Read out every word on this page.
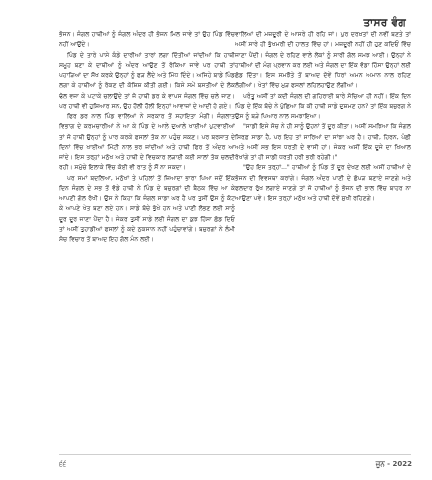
ਤਾਸਰ ਵੰਗ

ਭੋਜਨ। ਜੰਗਲ ਹਾਥੀਆਂ ਨੂੰ ਜੰਗਲ ਅੰਦਰ ਹੀ ਭੋਜਨ ਮਿਲ ਜਾਵੇ ਤਾਂ ਉਹ ਪਿੰਡ ਵਿੱਚ ਨਹੀਂ ਆਉਂਦੇ।

ਪਿੰਡ ਦੇ ਤਾਰੇ ਪਾਸੇ ਕੰਡੇ ਦਾਰੀਆਂ ਤਾਰਾਂ ਲਗਾ ਦਿੱਤੀਆਂ ਜਾਂਦੀਆਂ ਕਿ ਹਾਥੀ ਸਮੂਹ ਬਣਾ ਕੇ ਦਾਥੀਆਂ ਨੂੰ ਅੰਦਰ ਆਉਣ ਤੋਂ ਰੋਕਿਆ ਜਾਵੇ ਪਰ ਹਾਥੀ ਤਾਂ ਪਹਾੜਿਆਂ ਦਾ ਸੌਖ ਕਰਕੇ ਉਨ੍ਹਾਂ ਨੂੰ ਫੜ ਲੈਂਦੇ ਅਤੇ ਮਿੱਧ ਦਿੰਦੇ। ਅਜਿਹੇ ਬਾਡੇ ਪਿੰਡ ਲਗਾ ਕੇ ਹਾਥੀਆਂ ਨੂੰ ਰੋਕਣ ਦੀ ਕੋਸ਼ਿਸ਼ ਕੀਤੀ ਗਈ। ਕਿਸੇ ਸਮੇਂ ਬਸਤੀਆਂ ਦੇ ਲੋਕ ਢੋਲ ਵਜਾ ਕੇ ਪਟਾਕੇ ਚਲਾਉਂਦੇ ਤਾਂ ਜੋ ਹਾਥੀ ਡਰ ਕੇ ਵਾਪਸ ਜੰਗਲ ਵਿੱਚ ਚਲੇ ਜਾਣ। ਪਰ ਹਾਥੀ ਵੀ ਹੁਸ਼ਿਆਰ ਸਨ, ਉਹ ਹੌਲੀ ਹੌਲੀ ਇਨ੍ਹਾਂ ਆਵਾਜ਼ਾਂ ਦੇ ਆਦੀ ਹੋ ਗਏ।

ਫਿਰ ਡਰ ਨਾਲ ਪਿੰਡ ਵਾਲਿਆਂ ਨੇ ਸਰਕਾਰ ਤੋਂ ਸਹਾਇਤਾ ਮੰਗੀ। ਜੰਗਲਾਤ ਵਿਭਾਗ ਦੇ ਕਰਮਚਾਰੀਆਂ ਨੇ ਆ ਕੇ ਪਿੰਡ ਦੇ ਆਲੇ ਦੁਆਲੇ ਖਾਈਆਂ ਪੁਟਵਾਈਆਂ ਤਾਂ ਜੋ ਹਾਥੀ ਉਨ੍ਹਾਂ ਨੂੰ ਪਾਰ ਕਰਕੇ ਫਸਲਾਂ ਤੱਕ ਨਾ ਪਹੁੰਚ ਸਕਣ। ਪਰ ਬਰਸਾਤ ਦੇ ਦਿਨਾਂ ਵਿੱਚ ਖਾਈਆਂ ਮਿੱਟੀ ਨਾਲ ਭਰ ਜਾਂਦੀਆਂ ਅਤੇ ਹਾਥੀ ਫਿਰ ਤੋਂ ਅੰਦਰ ਆ ਜਾਂਦੇ। ਇਸ ਤਰ੍ਹਾਂ ਮਨੁੱਖ ਅਤੇ ਹਾਥੀ ਦੇ ਵਿਚਕਾਰ ਲੜਾਈ ਕਈ ਸਾਲਾਂ ਤੱਕ ਚਲਦੀ ਰਹੀ। ਸਮੁੱਚੇ ਇਲਾਕੇ ਵਿੱਚ ਕੋਈ ਵੀ ਰਾਤ ਨੂੰ ਸੌਂ ਨਾ ਸਕਦਾ।

ਪਰ ਸਮਾਂ ਬਦਲਿਆ, ਮਨੁੱਖਾਂ ਤੇ ਪਹਿਲਾਂ ਤੋਂ ਜ਼ਿਆਦਾ ਭਾਰਾ ਪਿਆ ਜਦੋਂ ਇੱਕ ਦਿਨ ਜੰਗਲ ਦੇ ਸਭ ਤੋਂ ਵੱਡੇ ਹਾਥੀ ਨੇ ਪਿੰਡ ਦੇ ਬਜ਼ੁਰਗਾਂ ਦੀ ਬੈਠਕ ਵਿੱਚ ਆ ਕੇ ਆਪਣੀ ਗੱਲ ਰੱਖੀ। ਉਸ ਨੇ ਕਿਹਾ ਕਿ ਜੰਗਲ ਸਾਡਾ ਘਰ ਹੈ ਪਰ ਤੁਸੀਂ ਉਸ ਨੂੰ ਕੱਟ ਕੇ ਆਪਣੇ ਖੇਤ ਬਣਾ ਲਏ ਹਨ। ਸਾਡੇ ਬੱਚੇ ਭੁੱਖੇ ਹਨ ਅਤੇ ਪਾਣੀ ਲੱਭਣ ਲਈ ਸਾਨੂੰ ਦੂਰ ਦੂਰ ਜਾਣਾ ਪੈਂਦਾ ਹੈ। ਜੇਕਰ ਤੁਸੀਂ ਸਾਡੇ ਲਈ ਜੰਗਲ ਦਾ ਕੁਝ ਹਿੱਸਾ ਛੱਡ ਦਿਓ ਤਾਂ ਅਸੀਂ ਤੁਹਾਡੀਆਂ ਫਸਲਾਂ ਨੂੰ ਕਦੇ ਨੁਕਸਾਨ ਨਹੀਂ ਪਹੁੰਚਾਵਾਂਗੇ। ਬਜ਼ੁਰਗਾਂ ਨੇ ਲੰਮੀ ਸੋਚ ਵਿਚਾਰ ਤੋਂ ਬਾਅਦ ਇਹ ਗੱਲ ਮੰਨ ਲਈ।

ਵਾਲਿਆਂ ਦੀ ਮਜ਼ਦੂਰੀ ਦੇ ਆਸਰੇ ਹੀ ਰਹਿ ਜਾਂ। ਪੁਰ ਦਰਖ਼ਤਾਂ ਦੀ ਨਵੀਂ ਬਣਤੇ ਤਾਂ ਅਸੀਂ ਸਾਰੇ ਹੀ ਭੁੱਖਮਰੀ ਦੀ ਹਾਲਤ ਵਿੱਚ ਹਾਂ। ਮਜ਼ਦੂਰੀ ਨਹੀਂ ਹੀ ਹੁਣ ਕਦਿਓਂ ਵਿੱਚ ਜਾਣਾ ਪੈਂਦੀ। ਜੰਗਲ ਦੇ ਰਹਿਣ ਵਾਲੇ ਲੋਕਾਂ ਨੂੰ ਸਾਰੀ ਗੱਲ ਸਮਝ ਆਈ। ਉਨ੍ਹਾਂ ਨੇ ਹਾਥੀਆਂ ਦੀ ਮੰਗ ਪ੍ਰਵਾਨ ਕਰ ਲਈ ਅਤੇ ਜੰਗਲ ਦਾ ਇੱਕ ਵੱਡਾ ਹਿੱਸਾ ਉਨ੍ਹਾਂ ਲਈ ਛੱਡ ਦਿੱਤਾ। ਇਸ ਸਮਝੌਤੇ ਤੋਂ ਬਾਅਦ ਦੋਵੇਂ ਧਿਰਾਂ ਅਮਨ ਅਮਾਨ ਨਾਲ ਰਹਿਣ ਲੱਗੀਆਂ। ਖੇਤਾਂ ਵਿੱਚ ਮੁੜ ਫਸਲਾਂ ਲਹਿਲਹਾਉਣ ਲੱਗੀਆਂ।

ਪਰੰਤੂ ਅਸੀਂ ਤਾਂ ਕਦੀ ਜੰਗਲ ਦੀ ਗਹਿਰਾਈ ਬਾਰੇ ਸੋਚਿਆ ਹੀ ਨਹੀਂ। ਇੱਕ ਦਿਨ ਪਿੰਡ ਦੇ ਇੱਕ ਬੱਚੇ ਨੇ ਪੁੱਛਿਆ ਕਿ ਕੀ ਹਾਥੀ ਸਾਡੇ ਦੁਸ਼ਮਣ ਹਨ? ਤਾਂ ਇੱਕ ਬਜ਼ੁਰਗ ਨੇ ਉਸ ਨੂੰ ਬੜੇ ਪਿਆਰ ਨਾਲ ਸਮਝਾਇਆ।

"ਸਾਡੀ ਇਸੇ ਸੋਚ ਨੇ ਹੀ ਸਾਨੂੰ ਉਹਨਾਂ ਤੋਂ ਦੂਰ ਕੀਤਾ। ਅਸੀਂ ਸਮਝਿਆ ਕਿ ਜੰਗਲ ਸਿਰਫ਼ ਸਾਡਾ ਹੈ, ਪਰ ਇਹ ਤਾਂ ਸਾਰਿਆਂ ਦਾ ਸਾਂਝਾ ਘਰ ਹੈ। ਹਾਥੀ, ਹਿਰਨ, ਪੰਛੀ ਅਤੇ ਅਸੀਂ ਸਭ ਇਸ ਧਰਤੀ ਦੇ ਵਾਸੀ ਹਾਂ। ਜੇਕਰ ਅਸੀਂ ਇੱਕ ਦੂਜੇ ਦਾ ਖਿਆਲ ਰੱਖਾਂਗੇ ਤਾਂ ਹੀ ਸਾਡੀ ਧਰਤੀ ਹਰੀ ਭਰੀ ਰਹੇਗੀ।"

"ਉਹ ਇਸ ਤਰ੍ਹਾਂ..." ਹਾਥੀਆਂ ਨੂੰ ਪਿੰਡ ਤੋਂ ਦੂਰ ਦੇਖਣ ਲਈ ਅਸੀਂ ਹਾਥੀਆਂ ਦੇ ਭੋਜਨ ਦੀ ਵਿਵਸਥਾ ਕਰਾਂਗੇ। ਜੰਗਲ ਅੰਦਰ ਪਾਣੀ ਦੇ ਛੱਪੜ ਬਣਾਏ ਜਾਣਗੇ ਅਤੇ ਫਲਦਾਰ ਰੁੱਖ ਲਗਾਏ ਜਾਣਗੇ ਤਾਂ ਜੋ ਹਾਥੀਆਂ ਨੂੰ ਭੋਜਨ ਦੀ ਭਾਲ ਵਿੱਚ ਬਾਹਰ ਨਾ ਆਉਣਾ ਪਵੇ। ਇਸ ਤਰ੍ਹਾਂ ਮਨੁੱਖ ਅਤੇ ਹਾਥੀ ਦੋਵੇਂ ਸੁਖੀ ਰਹਿਣਗੇ।

੬੬	ਜੂਨ - 2022
